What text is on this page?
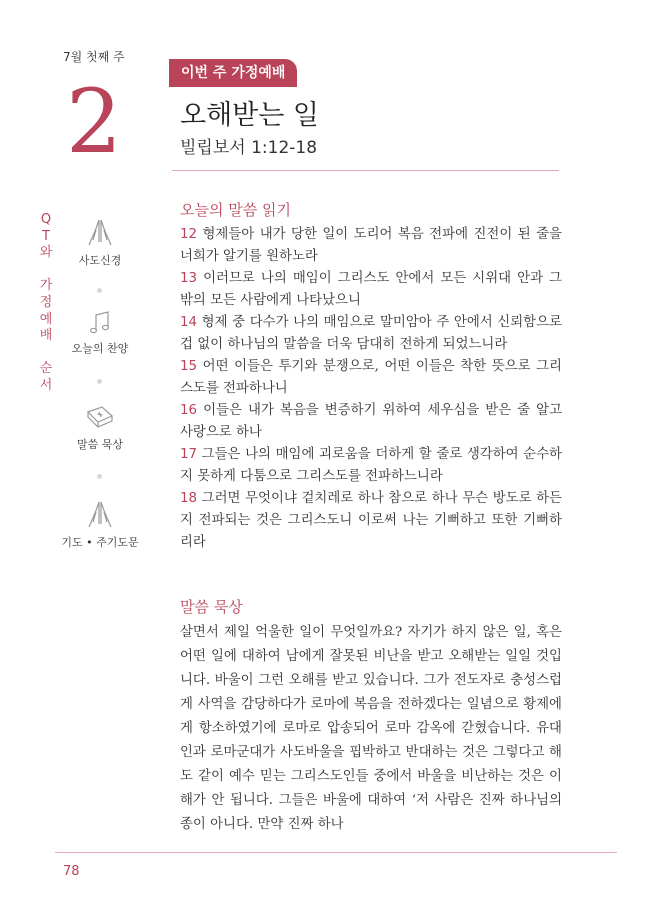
7월 첫째 주
2	이번 주 가정예배
오해받는 일
빌립보서 1:12-18
Q
T
와

가
정
예
배

순
서
사도신경
오늘의 찬양
말씀 묵상
기도 • 주기도문
오늘의 말씀 읽기

12 형제들아 내가 당한 일이 도리어 복음 전파에 진전이 된 줄을 너희가 알기를 원하노라

13 이러므로 나의 매임이 그리스도 안에서 모든 시위대 안과 그 밖의 모든 사람에게 나타났으니

14 형제 중 다수가 나의 매임으로 말미암아 주 안에서 신뢰함으로 겁 없이 하나님의 말씀을 더욱 담대히 전하게 되었느니라

15 어떤 이들은 투기와 분쟁으로, 어떤 이들은 착한 뜻으로 그리스도를 전파하나니

16 이들은 내가 복음을 변증하기 위하여 세우심을 받은 줄 알고 사랑으로 하나

17 그들은 나의 매임에 괴로움을 더하게 할 줄로 생각하여 순수하지 못하게 다툼으로 그리스도를 전파하느니라

18 그러면 무엇이냐 겉치레로 하나 참으로 하나 무슨 방도로 하든지 전파되는 것은 그리스도니 이로써 나는 기뻐하고 또한 기뻐하리라

말씀 묵상

살면서 제일 억울한 일이 무엇일까요? 자기가 하지 않은 일, 혹은 어떤 일에 대하여 남에게 잘못된 비난을 받고 오해받는 일일 것입니다. 바울이 그런 오해를 받고 있습니다. 그가 전도자로 충성스럽게 사역을 감당하다가 로마에 복음을 전하겠다는 일념으로 황제에게 항소하였기에 로마로 압송되어 로마 감옥에 갇혔습니다. 유대인과 로마군대가 사도바울을 핍박하고 반대하는 것은 그렇다고 해도 같이 예수 믿는 그리스도인들 중에서 바울을 비난하는 것은 이해가 안 됩니다. 그들은 바울에 대하여 ‘저 사람은 진짜 하나님의 종이 아니다. 만약 진짜 하나

78
